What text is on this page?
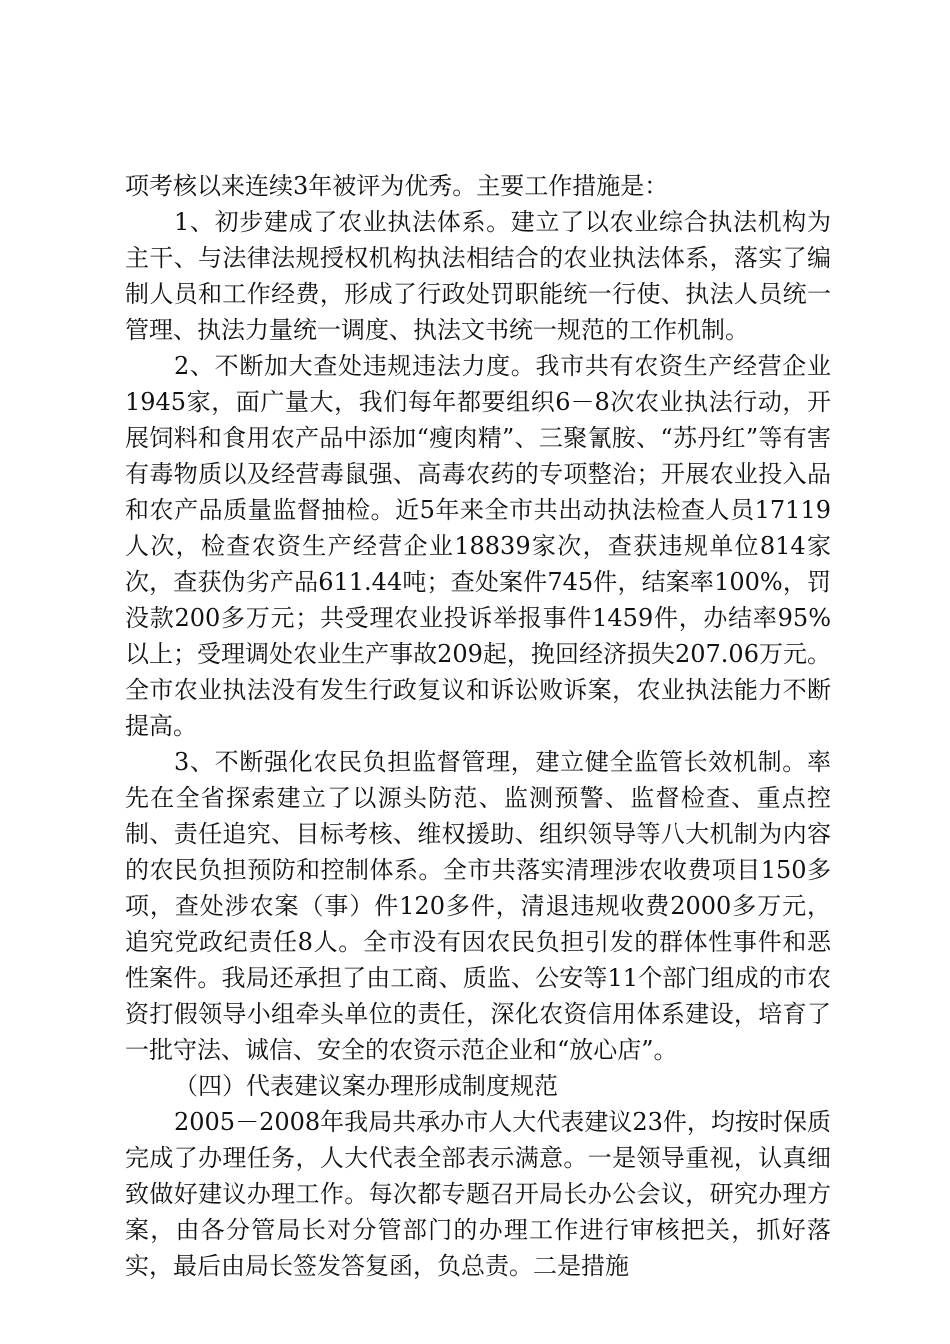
项考核以来连续3年被评为优秀。主要工作措施是：

1、初步建成了农业执法体系。建立了以农业综合执法机构为主干、与法律法规授权机构执法相结合的农业执法体系，落实了编制人员和工作经费，形成了行政处罚职能统一行使、执法人员统一管理、执法力量统一调度、执法文书统一规范的工作机制。

2、不断加大查处违规违法力度。我市共有农资生产经营企业1945家，面广量大，我们每年都要组织6－8次农业执法行动，开展饲料和食用农产品中添加“瘦肉精”、三聚氰胺、“苏丹红”等有害有毒物质以及经营毒鼠强、高毒农药的专项整治；开展农业投入品和农产品质量监督抽检。近5年来全市共出动执法检查人员17119人次，检查农资生产经营企业18839家次，查获违规单位814家次，查获伪劣产品611.44吨；查处案件745件，结案率100%，罚没款200多万元；共受理农业投诉举报事件1459件，办结率95%以上；受理调处农业生产事故209起，挽回经济损失207.06万元。全市农业执法没有发生行政复议和诉讼败诉案，农业执法能力不断提高。

3、不断强化农民负担监督管理，建立健全监管长效机制。率先在全省探索建立了以源头防范、监测预警、监督检查、重点控制、责任追究、目标考核、维权援助、组织领导等八大机制为内容的农民负担预防和控制体系。全市共落实清理涉农收费项目150多项，查处涉农案（事）件120多件，清退违规收费2000多万元，追究党政纪责任8人。全市没有因农民负担引发的群体性事件和恶性案件。我局还承担了由工商、质监、公安等11个部门组成的市农资打假领导小组牵头单位的责任，深化农资信用体系建设，培育了一批守法、诚信、安全的农资示范企业和“放心店”。

（四）代表建议案办理形成制度规范

2005－2008年我局共承办市人大代表建议23件，均按时保质完成了办理任务，人大代表全部表示满意。一是领导重视，认真细致做好建议办理工作。每次都专题召开局长办公会议，研究办理方案，由各分管局长对分管部门的办理工作进行审核把关，抓好落实，最后由局长签发答复函，负总责。二是措施
